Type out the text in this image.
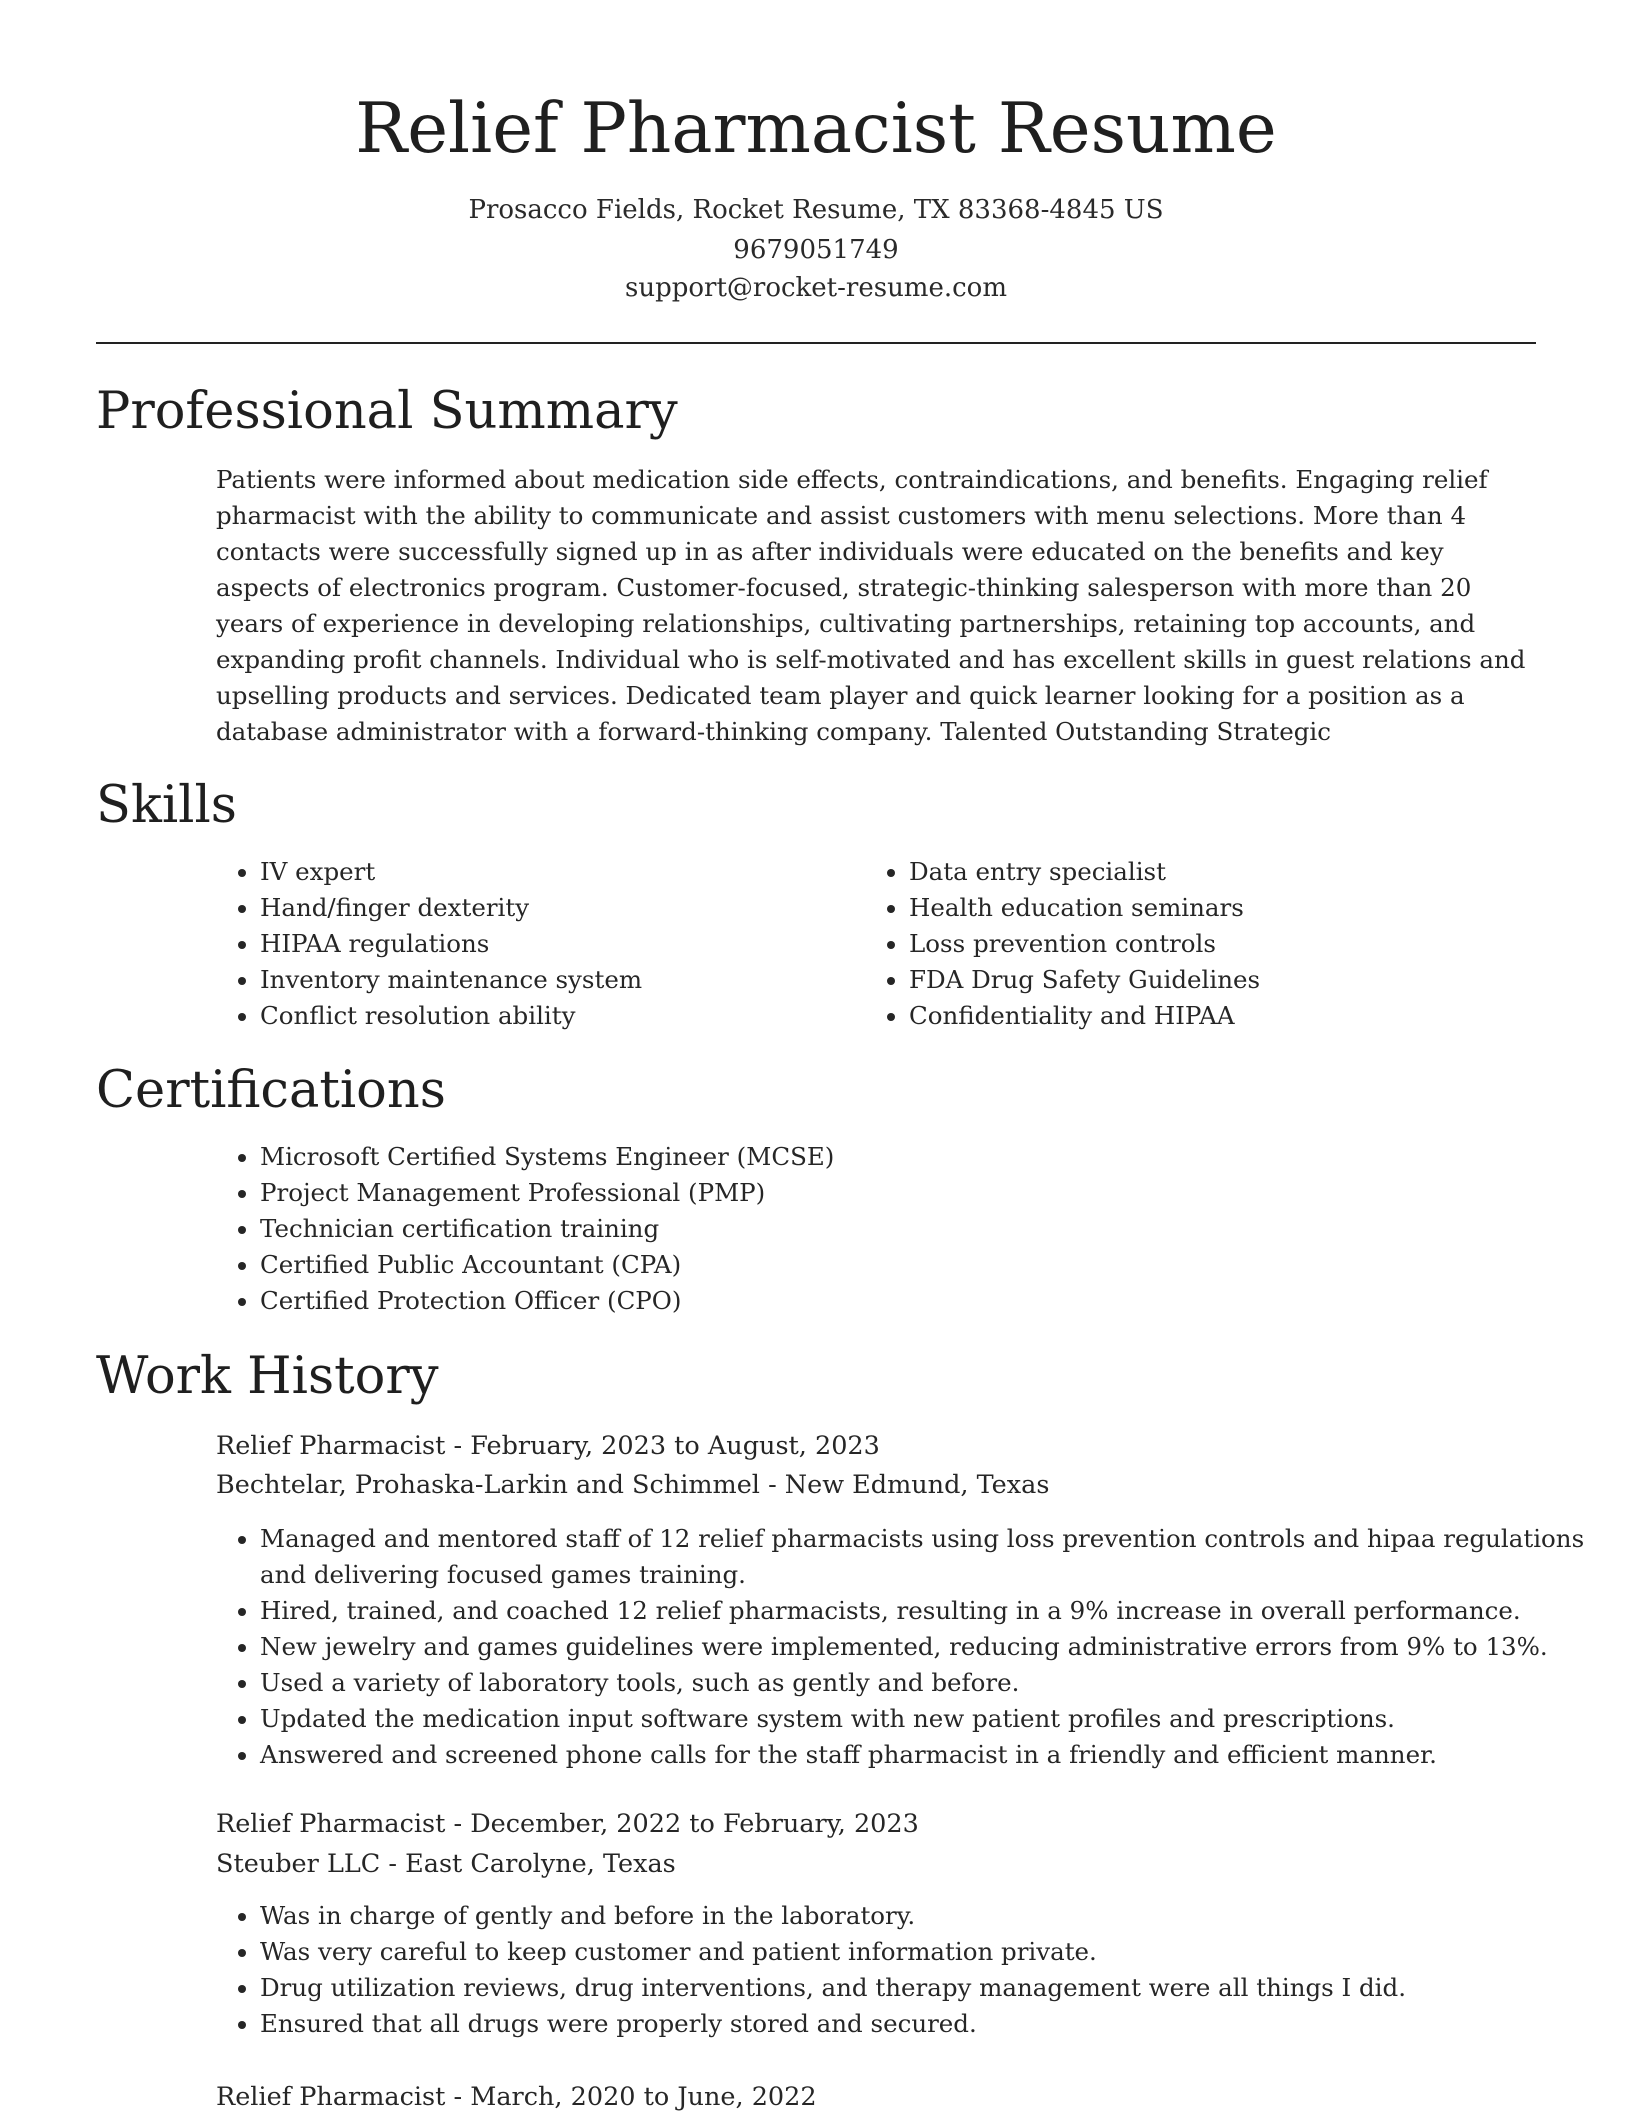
Relief Pharmacist Resume
Prosacco Fields, Rocket Resume, TX 83368-4845 US
9679051749
support@rocket-resume.com
Professional Summary

Patients were informed about medication side effects, contraindications, and benefits. Engaging relief pharmacist with the ability to communicate and assist customers with menu selections. More than 4 contacts were successfully signed up in as after individuals were educated on the benefits and key aspects of electronics program. Customer-focused, strategic-thinking salesperson with more than 20 years of experience in developing relationships, cultivating partnerships, retaining top accounts, and expanding profit channels. Individual who is self-motivated and has excellent skills in guest relations and upselling products and services. Dedicated team player and quick learner looking for a position as a database administrator with a forward-thinking company. Talented Outstanding Strategic

Skills
• IV expert
• Hand/finger dexterity
• HIPAA regulations
• Inventory maintenance system
• Conflict resolution ability
• Data entry specialist
• Health education seminars
• Loss prevention controls
• FDA Drug Safety Guidelines
• Confidentiality and HIPAA
Certifications
• Microsoft Certified Systems Engineer (MCSE)
• Project Management Professional (PMP)
• Technician certification training
• Certified Public Accountant (CPA)
• Certified Protection Officer (CPO)
Work History
Relief Pharmacist - February, 2023 to August, 2023
Bechtelar, Prohaska-Larkin and Schimmel - New Edmund, Texas
• Managed and mentored staff of 12 relief pharmacists using loss prevention controls and hipaa regulations and delivering focused games training.
• Hired, trained, and coached 12 relief pharmacists, resulting in a 9% increase in overall performance.
• New jewelry and games guidelines were implemented, reducing administrative errors from 9% to 13%.
• Used a variety of laboratory tools, such as gently and before.
• Updated the medication input software system with new patient profiles and prescriptions.
• Answered and screened phone calls for the staff pharmacist in a friendly and efficient manner.
Relief Pharmacist - December, 2022 to February, 2023
Steuber LLC - East Carolyne, Texas
• Was in charge of gently and before in the laboratory.
• Was very careful to keep customer and patient information private.
• Drug utilization reviews, drug interventions, and therapy management were all things I did.
• Ensured that all drugs were properly stored and secured.
Relief Pharmacist - March, 2020 to June, 2022
